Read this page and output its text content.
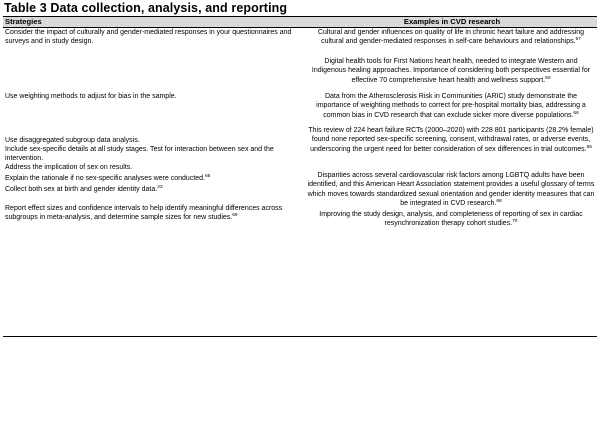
Table 3 Data collection, analysis, and reporting
Strategies	Examples in CVD research
Consider the impact of culturally and gender-mediated responses in your questionnaires and surveys and in study design.
Use weighting methods to adjust for bias in the sample.
Use disaggregated subgroup data analysis.
Include sex-specific details at all study stages. Test for interaction between sex and the intervention.
Address the implication of sex on results.
Explain the rationale if no sex-specific analyses were conducted.$^{65}$
Collect both sex at birth and gender identity data.$^{33}$
Report effect sizes and confidence intervals to help identify meaningful differences across subgroups in meta-analysis, and determine sample sizes for new studies.$^{69}$
Cultural and gender influences on quality of life in chronic heart failure and addressing cultural and gender-mediated responses in self-care behaviours and relationships.$^{67}$
Digital health tools for First Nations heart health, needed to integrate Western and Indigenous healing approaches. Importance of considering both perspectives essential for effective 70 comprehensive heart health and wellness support.$^{60}$
Data from the Atherosclerosis Risk in Communities (ARIC) study demonstrate the importance of weighting methods to correct for pre-hospital mortality bias, addressing a common bias in CVD research that can exclude sicker more diverse populations.$^{66}$
This review of 224 heart failure RCTs (2000–2020) with 228 801 participants (28.2% female) found none reported sex-specific screening, consent, withdrawal rates, or adverse events, underscoring the urgent need for better consideration of sex differences in trial outcomes.$^{65}$
Disparities across several cardiovascular risk factors among LGBTQ adults have been identified, and this American Heart Association statement provides a useful glossary of terms which moves towards standardized sexual orientation and gender identity measures that can be integrated in CVD research.$^{68}$
Improving the study design, analysis, and completeness of reporting of sex in cardiac resynchronization therapy cohort studies.$^{70}$
